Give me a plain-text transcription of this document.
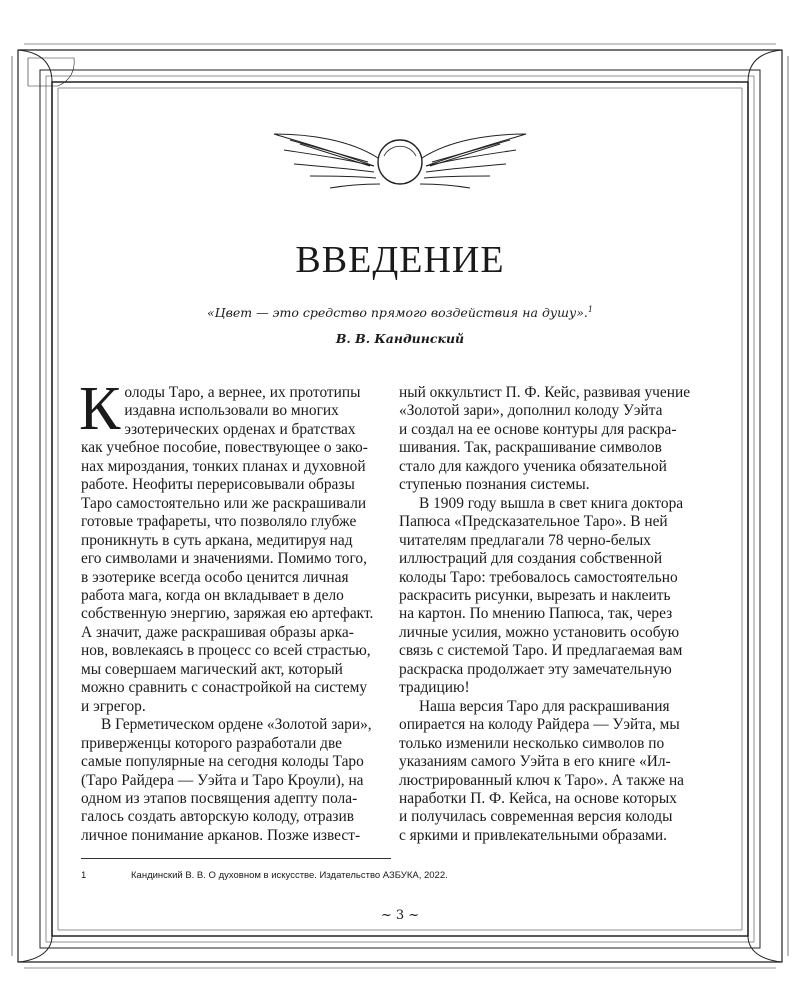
ВВЕДЕНИЕ
«Цвет — это средство прямого воздействия на душу».$^1$
В. В. Кандинский
К олоды Таро, а вернее, их прототипы

издавна использовали во многих

эзотерических орденах и братствах

как учебное пособие, повествующее о зако-

нах мироздания, тонких планах и духовной

работе. Неофиты перерисовывали образы

Таро самостоятельно или же раскрашивали

готовые трафареты, что позволяло глубже

проникнуть в суть аркана, медитируя над

его символами и значениями. Помимо того,

в эзотерике всегда особо ценится личная

работа мага, когда он вкладывает в дело

собственную энергию, заряжая ею артефакт.

А значит, даже раскрашивая образы арка-

нов, вовлекаясь в процесс со всей страстью,

мы совершаем магический акт, который

можно сравнить с сонастройкой на систему

и эгрегор.

В Герметическом ордене «Золотой зари»,

приверженцы которого разработали две

самые популярные на сегодня колоды Таро

(Таро Райдера — Уэйта и Таро Кроули), на

одном из этапов посвящения адепту пола-

галось создать авторскую колоду, отразив

личное понимание арканов. Позже извест-

ный оккультист П. Ф. Кейс, развивая учение

«Золотой зари», дополнил колоду Уэйта

и создал на ее основе контуры для раскра-

шивания. Так, раскрашивание символов

стало для каждого ученика обязательной

ступенью познания системы.

В 1909 году вышла в свет книга доктора

Папюса «Предсказательное Таро». В ней

читателям предлагали 78 черно-белых

иллюстраций для создания собственной

колоды Таро: требовалось самостоятельно

раскрасить рисунки, вырезать и наклеить

на картон. По мнению Папюса, так, через

личные усилия, можно установить особую

связь с системой Таро. И предлагаемая вам

раскраска продолжает эту замечательную

традицию!

Наша версия Таро для раскрашивания

опирается на колоду Райдера — Уэйта, мы

только изменили несколько символов по

указаниям самого Уэйта в его книге «Ил-

люстрированный ключ к Таро». А также на

наработки П. Ф. Кейса, на основе которых

и получилась современная версия колоды

с яркими и привлекательными образами.

1	Кандинский В. В. О духовном в искусстве. Издательство АЗБУКА, 2022.
~ 3 ~
